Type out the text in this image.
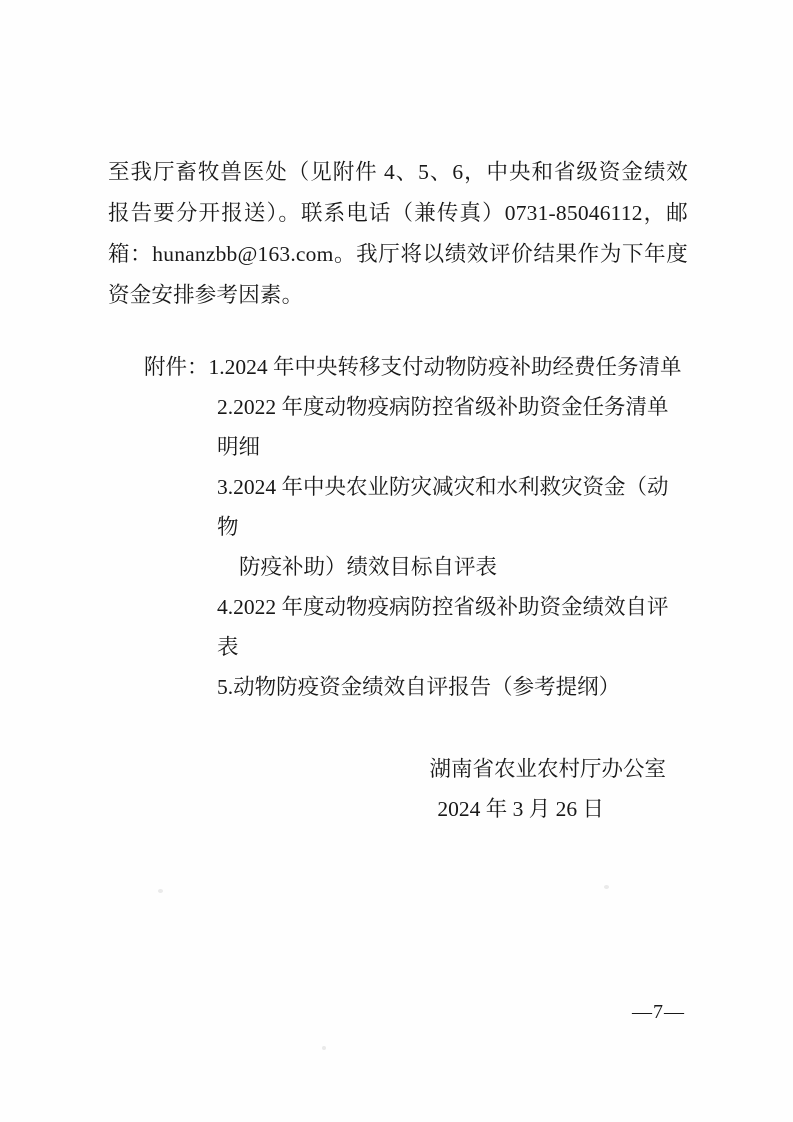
至我厅畜牧兽医处（见附件 4、5、6，中央和省级资金绩效报告要分开报送）。联系电话（兼传真）0731-85046112，邮箱：hunanzbb@163.com。我厅将以绩效评价结果作为下年度资金安排参考因素。

附件：1.2024 年中央转移支付动物防疫补助经费任务清单
2.2022 年度动物疫病防控省级补助资金任务清单明细
3.2024 年中央农业防灾减灾和水利救灾资金（动物
防疫补助）绩效目标自评表
4.2022 年度动物疫病防控省级补助资金绩效自评表
5.动物防疫资金绩效自评报告（参考提纲）
湖南省农业农村厅办公室
2024 年 3 月 26 日
—7—
